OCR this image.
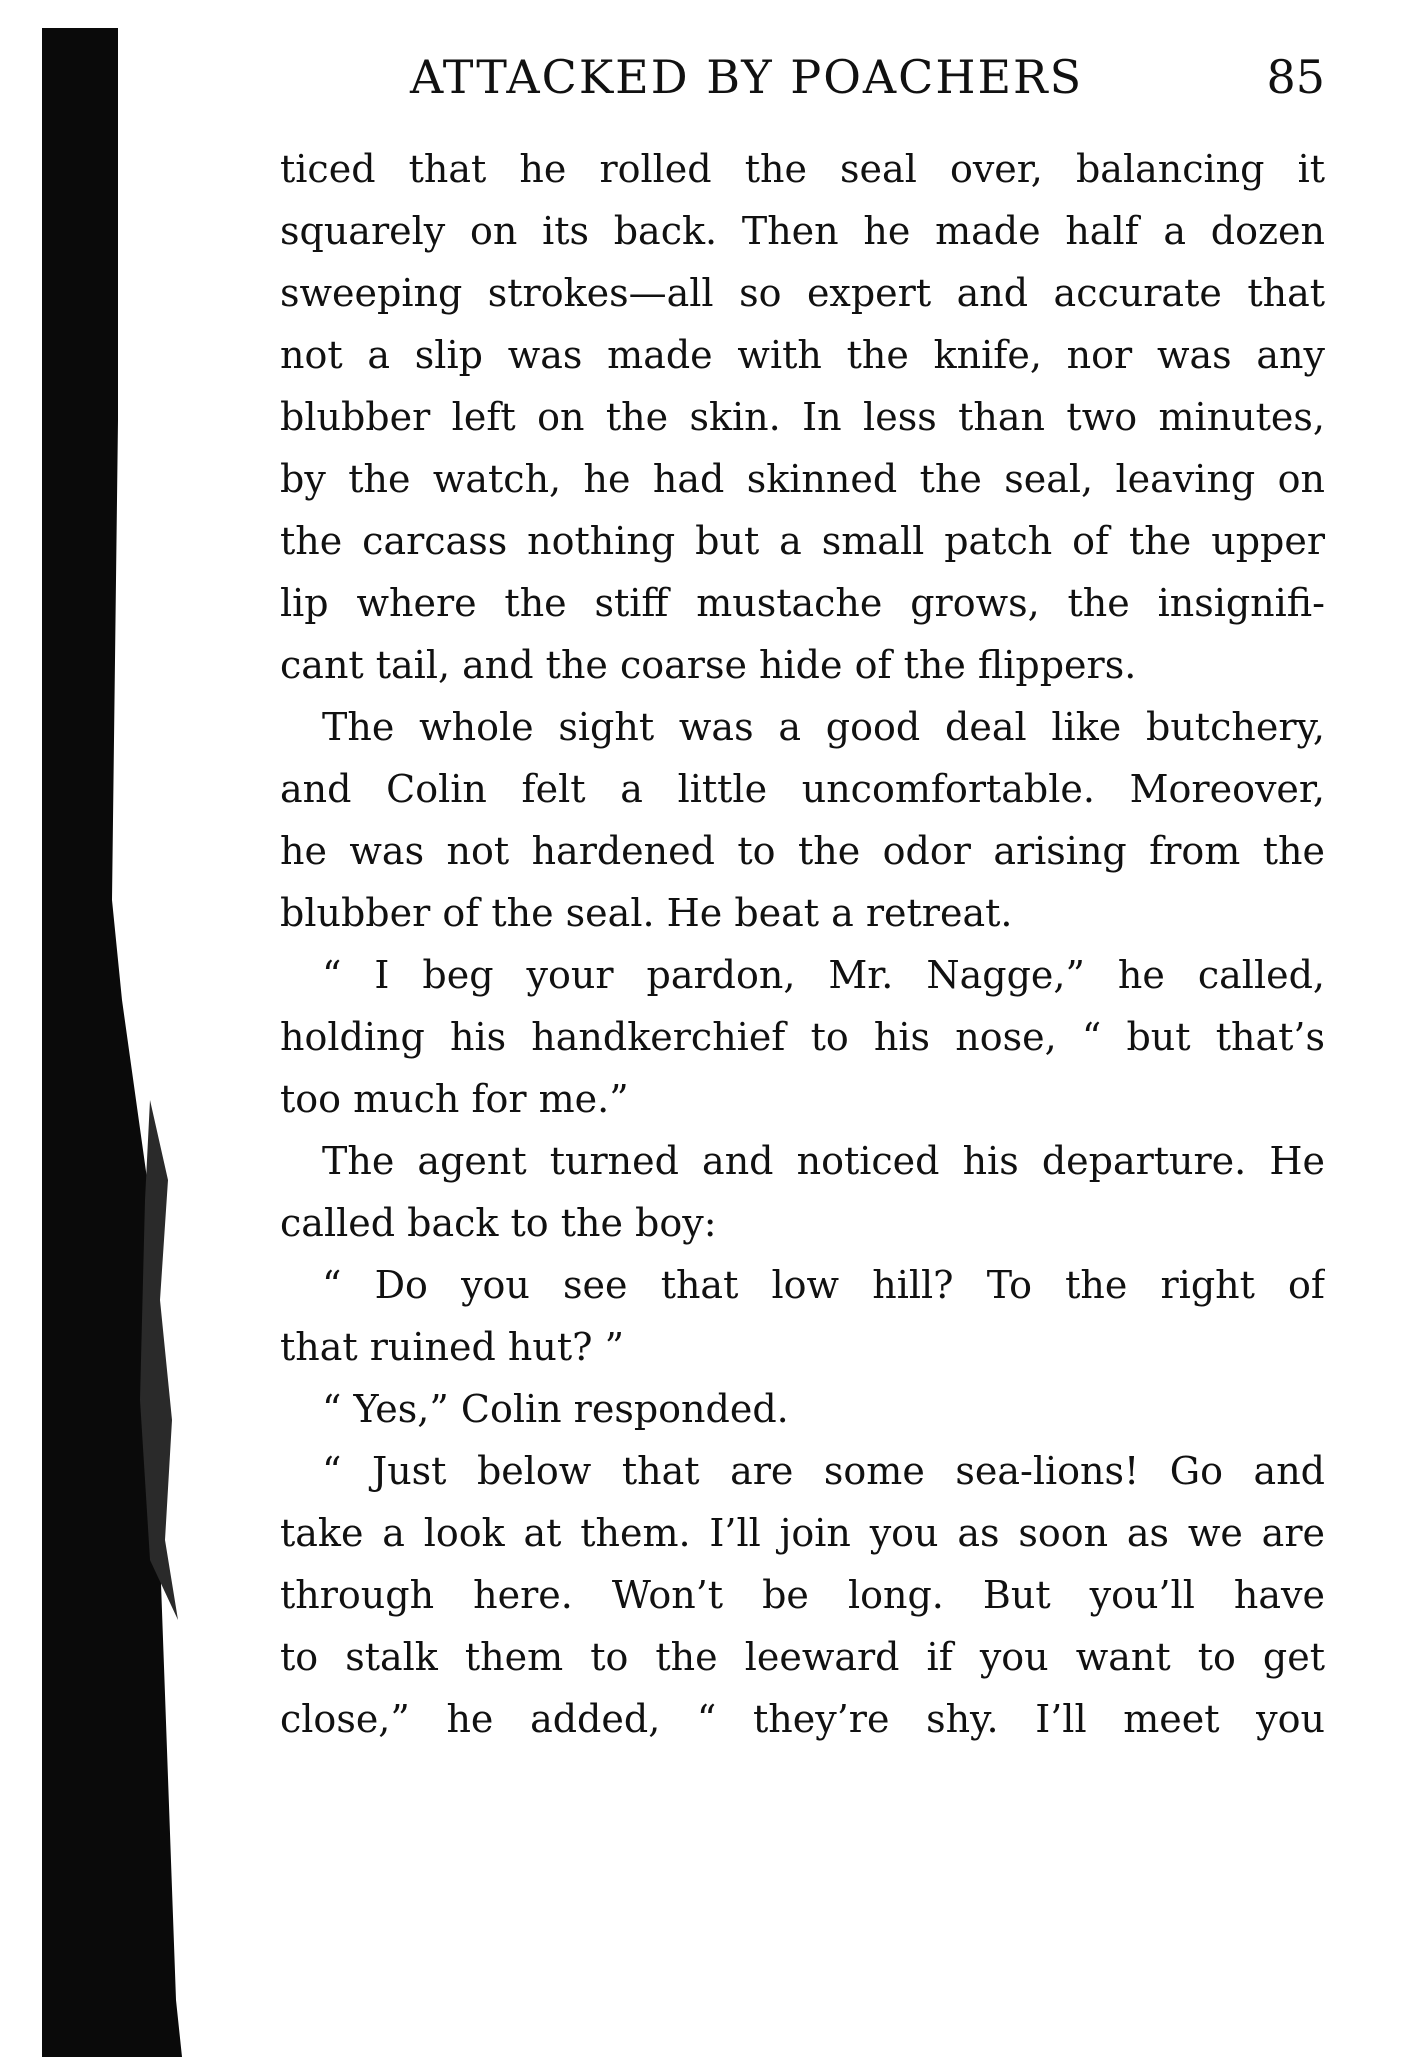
ATTACKED BY POACHERS	85
ticed that he rolled the seal over, balancing it
squarely on its back. Then he made half a dozen
sweeping strokes—all so expert and accurate that
not a slip was made with the knife, nor was any
blubber left on the skin. In less than two minutes,
by the watch, he had skinned the seal, leaving on
the carcass nothing but a small patch of the upper
lip where the stiff mustache grows, the insignifi-
cant tail, and the coarse hide of the flippers.
The whole sight was a good deal like butchery,
and Colin felt a little uncomfortable. Moreover,
he was not hardened to the odor arising from the
blubber of the seal. He beat a retreat.
“ I beg your pardon, Mr. Nagge,” he called,
holding his handkerchief to his nose, “ but that’s
too much for me.”
The agent turned and noticed his departure. He
called back to the boy:
“ Do you see that low hill? To the right of
that ruined hut? ”
“ Yes,” Colin responded.
“ Just below that are some sea-lions! Go and
take a look at them. I’ll join you as soon as we are
through here. Won’t be long. But you’ll have
to stalk them to the leeward if you want to get
close,” he added, “ they’re shy. I’ll meet you
